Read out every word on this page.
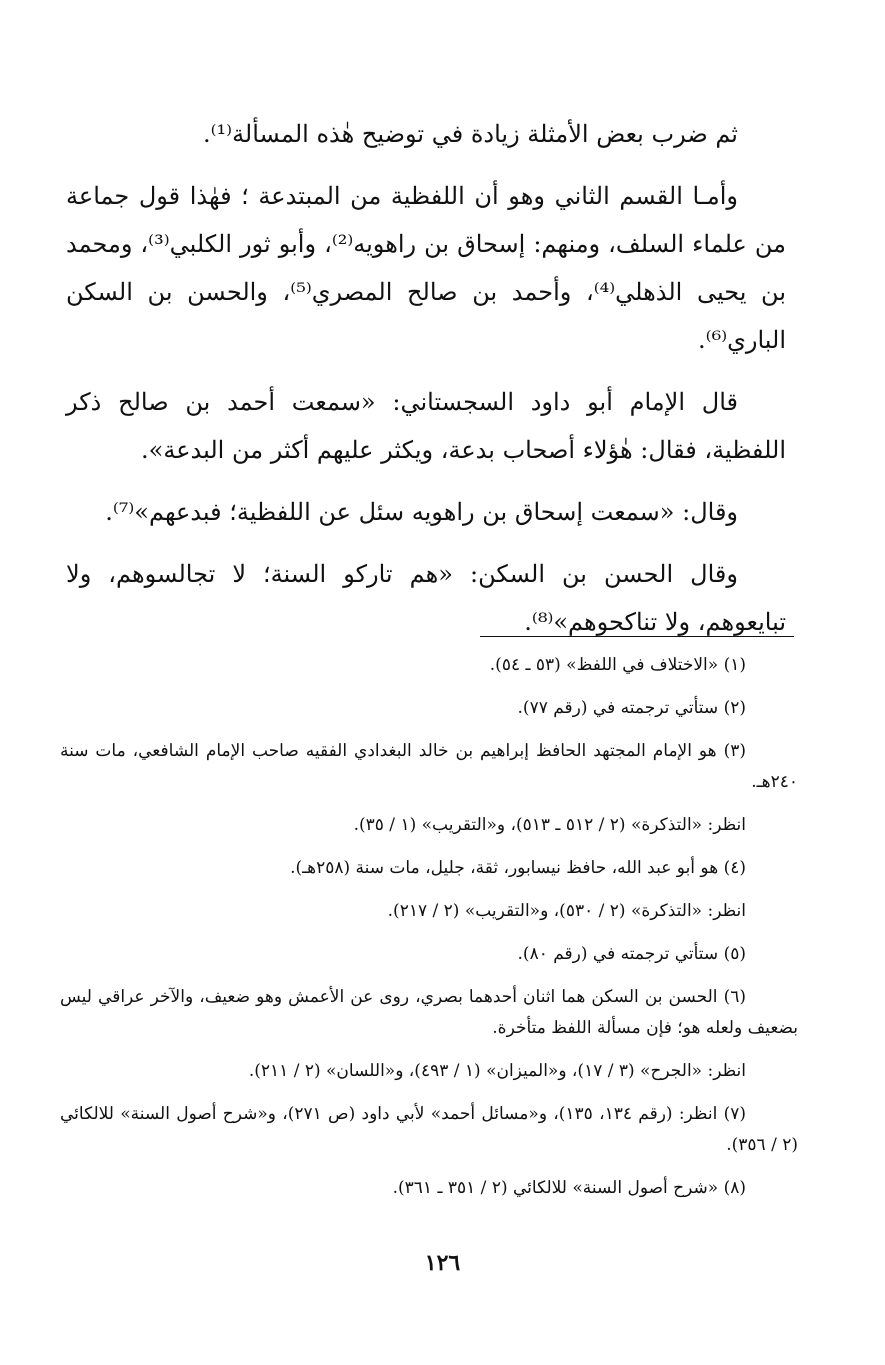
ثم ضرب بعض الأمثلة زيادة في توضيح هٰذه المسألة⁽¹⁾.

وأمـا القسم الثاني وهو أن اللفظية من المبتدعة ؛ فهٰذا قول جماعة من علماء السلف، ومنهم: إسحاق بن راهويه⁽²⁾، وأبو ثور الكلبي⁽³⁾، ومحمد بن يحيى الذهلي⁽⁴⁾، وأحمد بن صالح المصري⁽⁵⁾، والحسن بن السكن الباري⁽⁶⁾.

قال الإمام أبو داود السجستاني: «سمعت أحمد بن صالح ذكر اللفظية، فقال: هٰؤلاء أصحاب بدعة، ويكثر عليهم أكثر من البدعة».

وقال: «سمعت إسحاق بن راهويه سئل عن اللفظية؛ فبدعهم»⁽⁷⁾.

وقال الحسن بن السكن: «هم تاركو السنة؛ لا تجالسوهم، ولا تبايعوهم، ولا تناكحوهم»⁽⁸⁾.

(١) «الاختلاف في اللفظ» (٥٣ ـ ٥٤).

(٢) ستأتي ترجمته في (رقم ٧٧).

(٣) هو الإمام المجتهد الحافظ إبراهيم بن خالد البغدادي الفقيه صاحب الإمام الشافعي، مات سنة ٢٤٠هـ.

انظر: «التذكرة» (٢ / ٥١٢ ـ ٥١٣)، و«التقريب» (١ / ٣٥).

(٤) هو أبو عبد الله، حافظ نيسابور، ثقة، جليل، مات سنة (٢٥٨هـ).

انظر: «التذكرة» (٢ / ٥٣٠)، و«التقريب» (٢ / ٢١٧).

(٥) ستأتي ترجمته في (رقم ٨٠).

(٦) الحسن بن السكن هما اثنان أحدهما بصري، روى عن الأعمش وهو ضعيف، والآخر عراقي ليس بضعيف ولعله هو؛ فإن مسألة اللفظ متأخرة.

انظر: «الجرح» (٣ / ١٧)، و«الميزان» (١ / ٤٩٣)، و«اللسان» (٢ / ٢١١).

(٧) انظر: (رقم ١٣٤، ١٣٥)، و«مسائل أحمد» لأبي داود (ص ٢٧١)، و«شرح أصول السنة» للالكائي (٢ / ٣٥٦).

(٨) «شرح أصول السنة» للالكائي (٢ / ٣٥١ ـ ٣٦١).

١٢٦
